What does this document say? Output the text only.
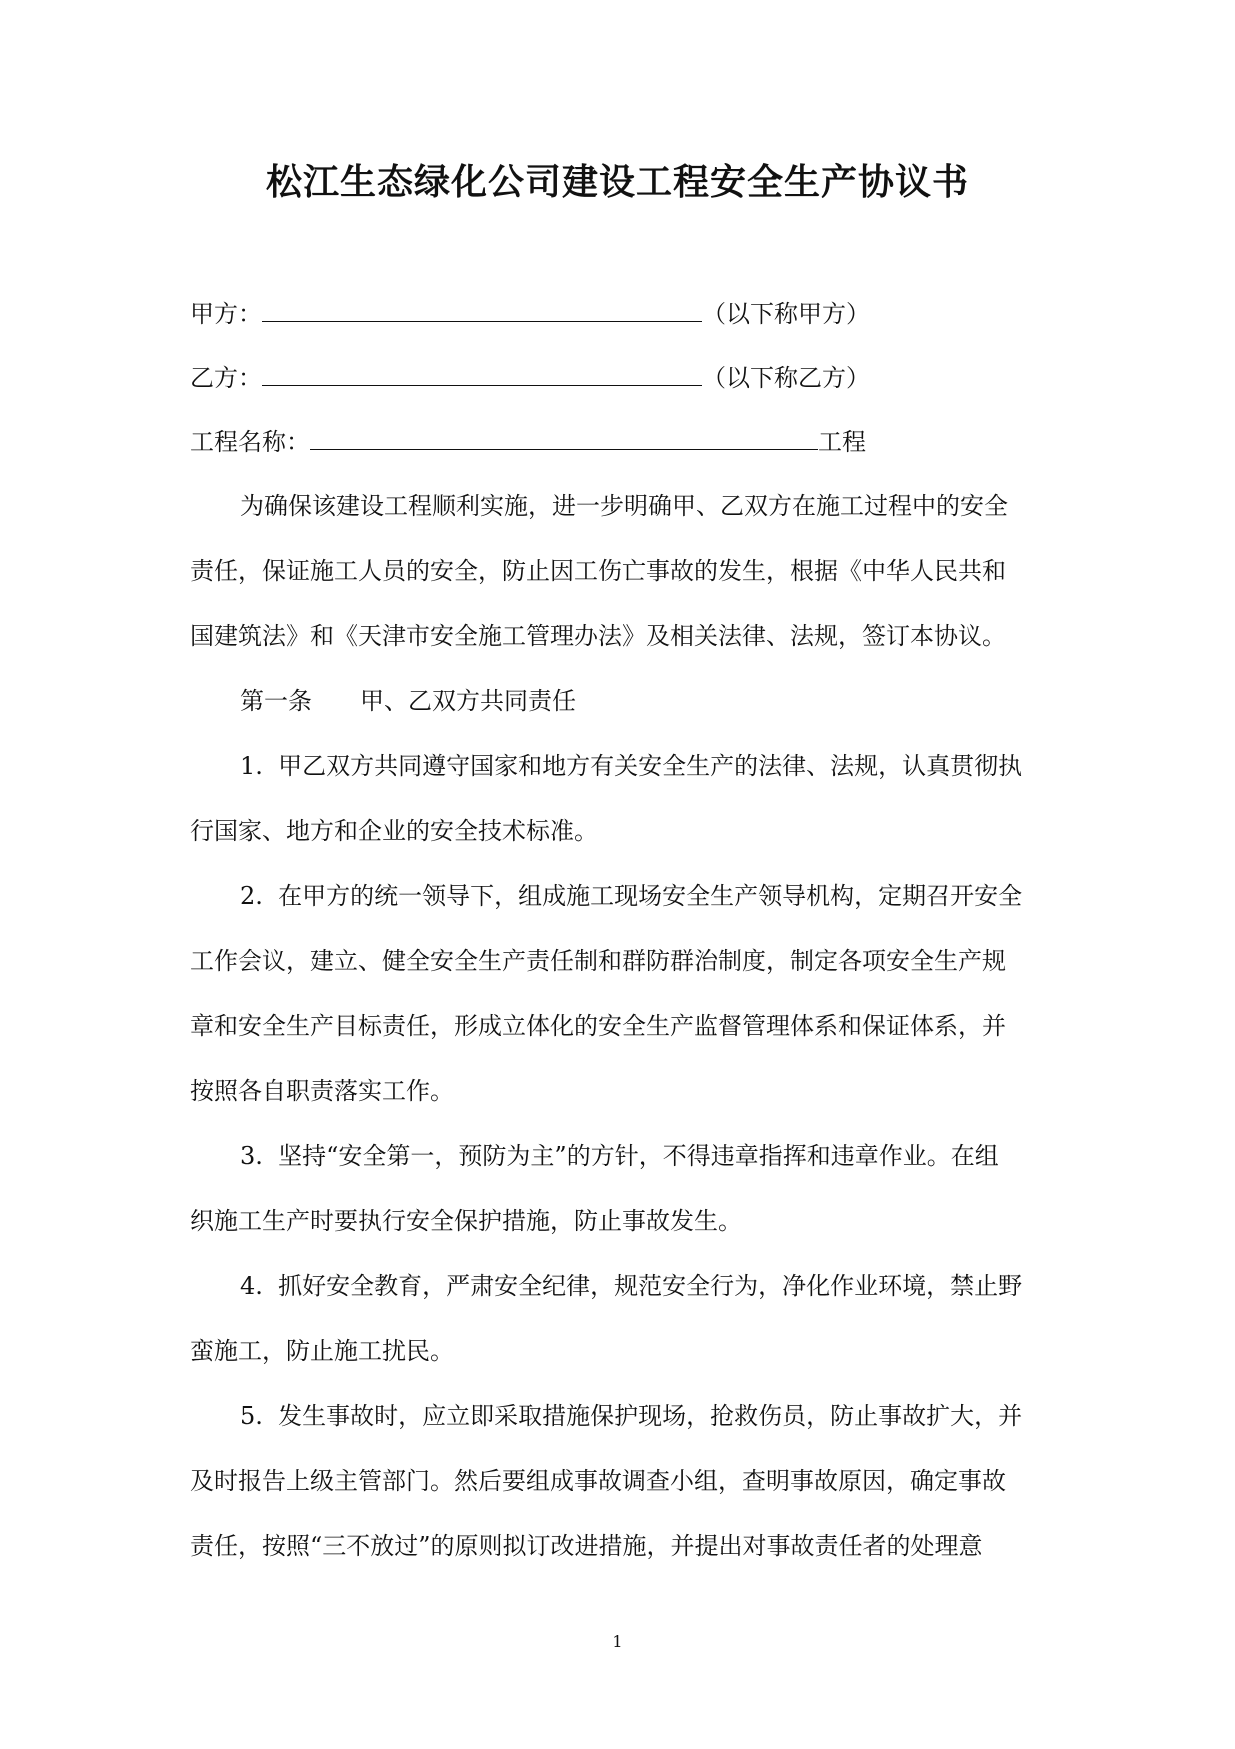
松江生态绿化公司建设工程安全生产协议书
甲方：	（以下称甲方）
乙方：	（以下称乙方）
工程名称：	工程
为确保该建设工程顺利实施，进一步明确甲、乙双方在施工过程中的安全
责任，保证施工人员的安全，防止因工伤亡事故的发生，根据《中华人民共和
国建筑法》和《天津市安全施工管理办法》及相关法律、法规，签订本协议。
第一条 甲、乙双方共同责任
1.  甲乙双方共同遵守国家和地方有关安全生产的法律、法规，认真贯彻执
行国家、地方和企业的安全技术标准。
2.  在甲方的统一领导下，组成施工现场安全生产领导机构，定期召开安全
工作会议，建立、健全安全生产责任制和群防群治制度，制定各项安全生产规
章和安全生产目标责任，形成立体化的安全生产监督管理体系和保证体系，并
按照各自职责落实工作。
3.  坚持“安全第一，预防为主”的方针，不得违章指挥和违章作业。在组
织施工生产时要执行安全保护措施，防止事故发生。
4.  抓好安全教育，严肃安全纪律，规范安全行为，净化作业环境，禁止野
蛮施工，防止施工扰民。
5.  发生事故时，应立即采取措施保护现场，抢救伤员，防止事故扩大，并
及时报告上级主管部门。然后要组成事故调查小组，查明事故原因，确定事故
责任，按照“三不放过”的原则拟订改进措施，并提出对事故责任者的处理意
1
